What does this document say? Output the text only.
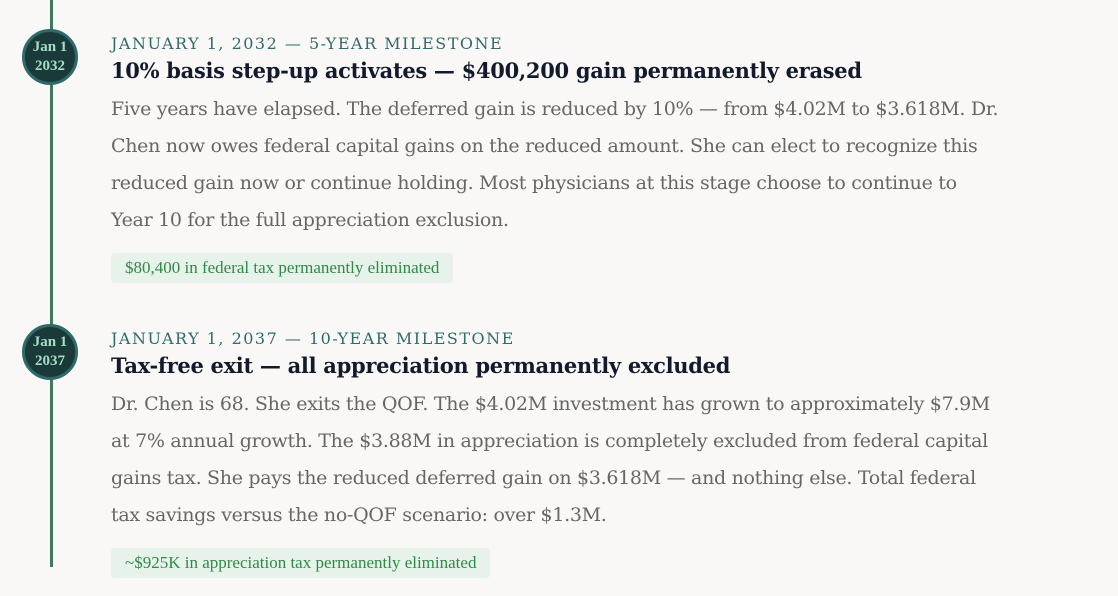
Jan 1
2032
JANUARY 1, 2032 — 5-YEAR MILESTONE
10% basis step-up activates — $400,200 gain permanently erased
Five years have elapsed. The deferred gain is reduced by 10% — from $4.02M to $3.618M. Dr.
Chen now owes federal capital gains on the reduced amount. She can elect to recognize this
reduced gain now or continue holding. Most physicians at this stage choose to continue to
Year 10 for the full appreciation exclusion.
$80,400 in federal tax permanently eliminated
Jan 1
2037
JANUARY 1, 2037 — 10-YEAR MILESTONE
Tax-free exit — all appreciation permanently excluded
Dr. Chen is 68. She exits the QOF. The $4.02M investment has grown to approximately $7.9M
at 7% annual growth. The $3.88M in appreciation is completely excluded from federal capital
gains tax. She pays the reduced deferred gain on $3.618M — and nothing else. Total federal
tax savings versus the no-QOF scenario: over $1.3M.
~$925K in appreciation tax permanently eliminated
